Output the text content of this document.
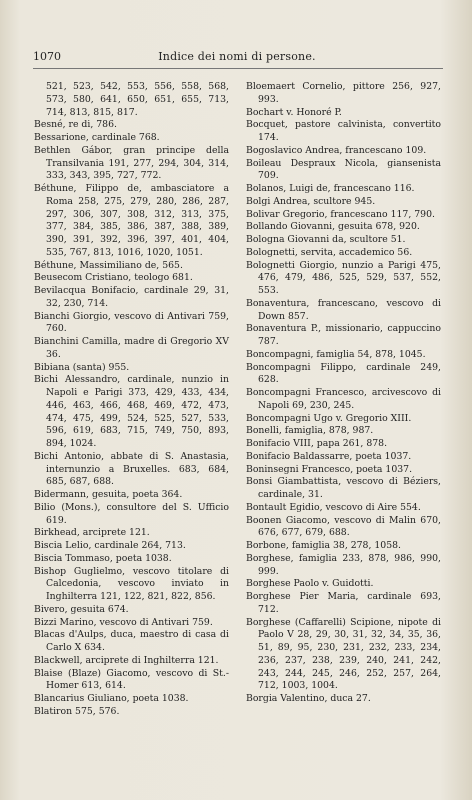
1070	Indice dei nomi di persone.

521, 523, 542, 553, 556, 558, 568, 573, 580, 641, 650, 651, 655, 713, 714, 813, 815, 817.

Besné, re di, 786.

Bessarione, cardinale 768.

Bethlen Gábor, gran principe della Transilvania 191, 277, 294, 304, 314, 333, 343, 395, 727, 772.

Béthune, Filippo de, ambasciatore a Roma 258, 275, 279, 280, 286, 287, 297, 306, 307, 308, 312, 313, 375, 377, 384, 385, 386, 387, 388, 389, 390, 391, 392, 396, 397, 401, 404, 535, 767, 813, 1016, 1020, 1051.

Béthune, Massimiliano de, 565.

Beusecom Cristiano, teologo 681.

Bevilacqua Bonifacio, cardinale 29, 31, 32, 230, 714.

Bianchi Giorgio, vescovo di Antivari 759, 760.

Bianchini Camilla, madre di Gregorio XV 36.

Bibiana (santa) 955.

Bichi Alessandro, cardinale, nunzio in Napoli e Parigi 373, 429, 433, 434, 446, 463, 466, 468, 469, 472, 473, 474, 475, 499, 524, 525, 527, 533, 596, 619, 683, 715, 749, 750, 893, 894, 1024.

Bichi Antonio, abbate di S. Anastasia, internunzio a Bruxelles. 683, 684, 685, 687, 688.

Bidermann, gesuita, poeta 364.

Bilio (Mons.), consultore del S. Ufficio 619.

Birkhead, arciprete 121.

Biscia Lelio, cardinale 264, 713.

Biscia Tommaso, poeta 1038.

Bishop Guglielmo, vescovo titolare di Calcedonia, vescovo inviato in Inghilterra 121, 122, 821, 822, 856.

Bivero, gesuita 674.

Bizzi Marino, vescovo di Antivari 759.

Blacas d'Aulps, duca, maestro di casa di Carlo X 634.

Blackwell, arciprete di Inghilterra 121.

Blaise (Blaze) Giacomo, vescovo di St.-Homer 613, 614.

Blancarius Giuliano, poeta 1038.

Blatiron 575, 576.

Bloemaert Cornelio, pittore 256, 927, 993.

Bochart v. Honoré P.

Bocquet, pastore calvinista, convertito 174.

Bogoslavico Andrea, francescano 109.

Boileau Despraux Nicola, giansenista 709.

Bolanos, Luigi de, francescano 116.

Bolgi Andrea, scultore 945.

Bolivar Gregorio, francescano 117, 790.

Bollando Giovanni, gesuita 678, 920.

Bologna Giovanni da, scultore 51.

Bolognetti, servita, accademico 56.

Bolognetti Giorgio, nunzio a Parigi 475, 476, 479, 486, 525, 529, 537, 552, 553.

Bonaventura, francescano, vescovo di Down 857.

Bonaventura P., missionario, cappuccino 787.

Boncompagni, famiglia 54, 878, 1045.

Boncompagni Filippo, cardinale 249, 628.

Boncompagni Francesco, arcivescovo di Napoli 69, 230, 245.

Boncompagni Ugo v. Gregorio XIII.

Bonelli, famiglia, 878, 987.

Bonifacio VIII, papa 261, 878.

Bonifacio Baldassarre, poeta 1037.

Boninsegni Francesco, poeta 1037.

Bonsi Giambattista, vescovo di Béziers, cardinale, 31.

Bontault Egidio, vescovo di Aire 554.

Boonen Giacomo, vescovo di Malin 670, 676, 677, 679, 688.

Borbone, famiglia 38, 278, 1058.

Borghese, famiglia 233, 878, 986, 990, 999.

Borghese Paolo v. Guidotti.

Borghese Pier Maria, cardinale 693, 712.

Borghese (Caffarelli) Scipione, nipote di Paolo V 28, 29, 30, 31, 32, 34, 35, 36, 51, 89, 95, 230, 231, 232, 233, 234, 236, 237, 238, 239, 240, 241, 242, 243, 244, 245, 246, 252, 257, 264, 712, 1003, 1004.

Borgia Valentino, duca 27.
